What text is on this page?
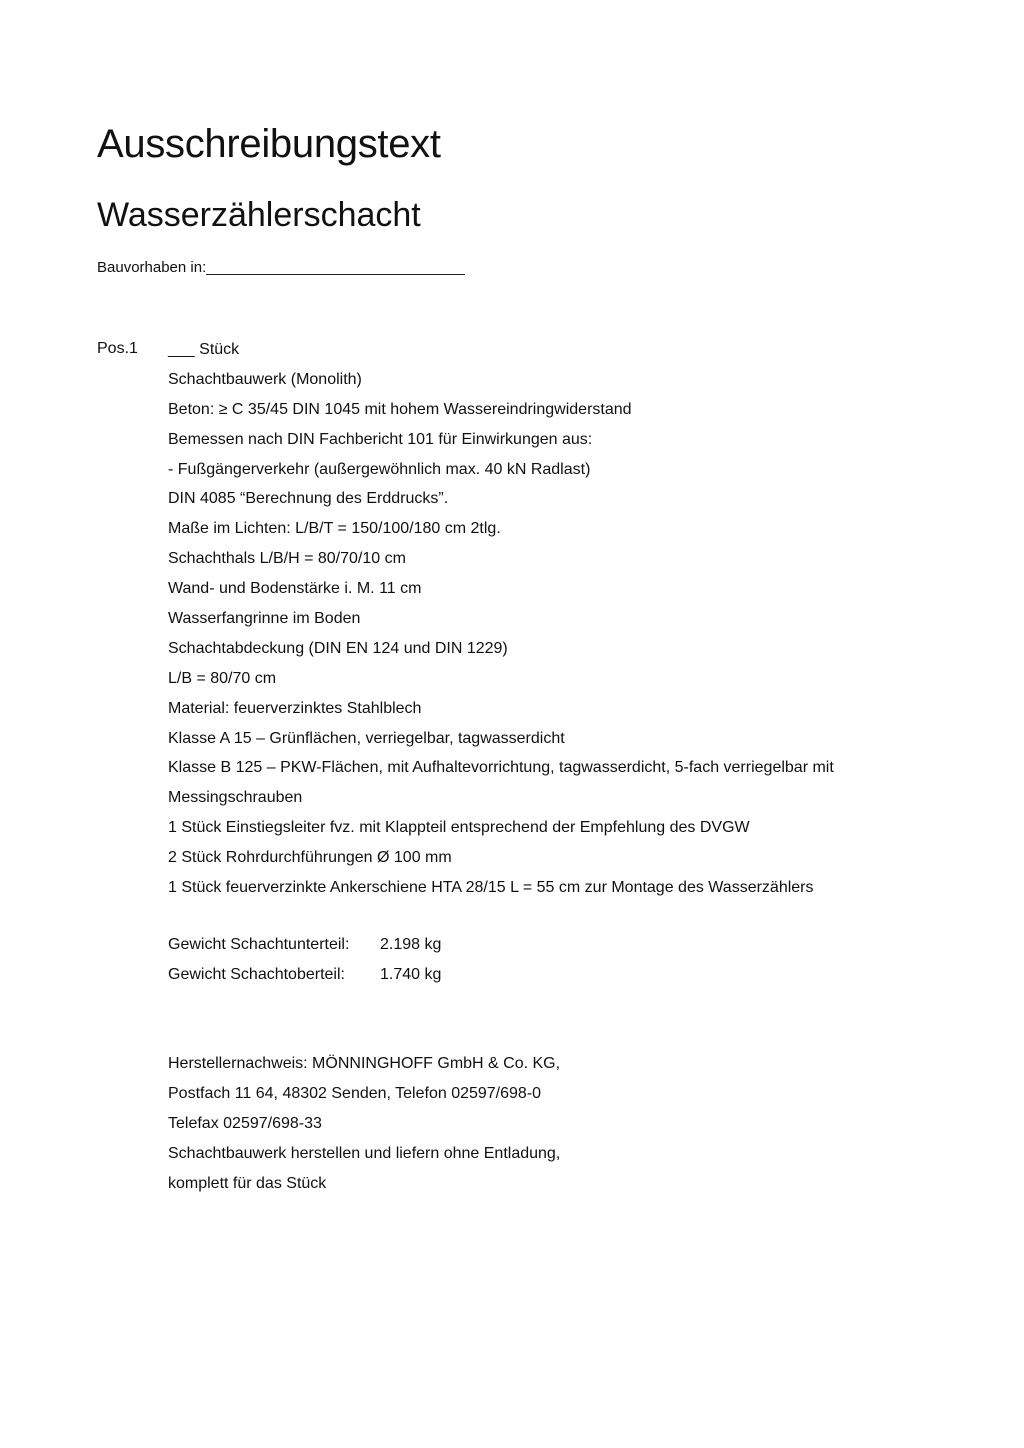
Ausschreibungstext
Wasserzählerschacht
Bauvorhaben in:_______________________________
Pos.1 ___ Stück
Schachtbauwerk (Monolith)
Beton: ≥ C 35/45 DIN 1045 mit hohem Wassereindringwiderstand
Bemessen nach DIN Fachbericht 101 für Einwirkungen aus:
- Fußgängerverkehr (außergewöhnlich max. 40 kN Radlast)
DIN 4085 “Berechnung des Erddrucks”.
Maße im Lichten: L/B/T = 150/100/180 cm 2tlg.
Schachthals L/B/H = 80/70/10 cm
Wand- und Bodenstärke i. M. 11 cm
Wasserfangrinne im Boden
Schachtabdeckung (DIN EN 124 und DIN 1229)
L/B = 80/70 cm
Material: feuerverzinktes Stahlblech
Klasse A 15 – Grünflächen, verriegelbar, tagwasserdicht
Klasse B 125 – PKW-Flächen, mit Aufhaltevorrichtung, tagwasserdicht, 5-fach verriegelbar mit
Messingschrauben
1 Stück Einstiegsleiter fvz. mit Klappteil entsprechend der Empfehlung des DVGW
2 Stück Rohrdurchführungen Ø 100 mm
1 Stück feuerverzinkte Ankerschiene HTA 28/15 L = 55 cm zur Montage des Wasserzählers
Gewicht Schachtunterteil:	2.198 kg
Gewicht Schachtoberteil:	1.740 kg
Herstellernachweis: MÖNNINGHOFF GmbH & Co. KG,
Postfach 11 64, 48302 Senden, Telefon 02597/698-0
Telefax 02597/698-33
Schachtbauwerk herstellen und liefern ohne Entladung,
komplett für das Stück
